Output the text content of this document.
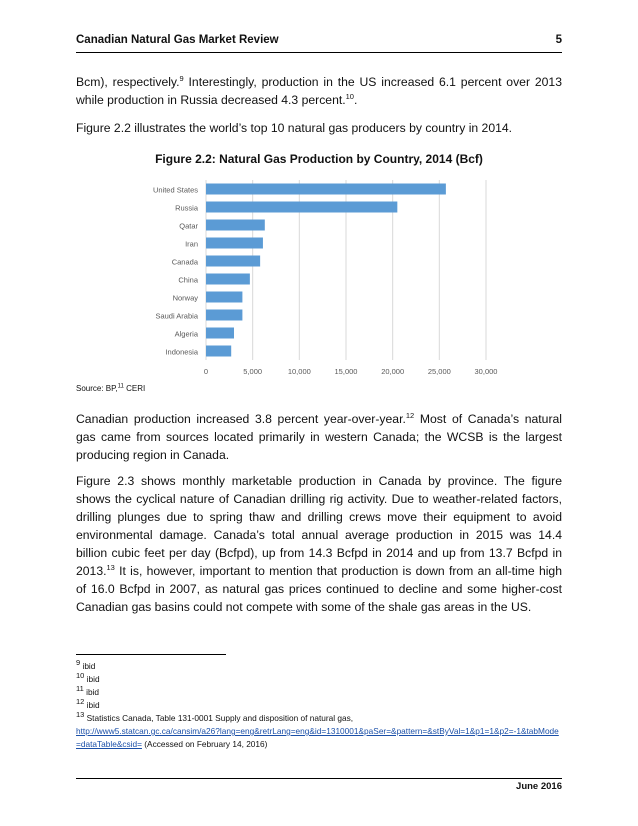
Canadian Natural Gas Market Review	5

Bcm), respectively.$^9$ Interestingly, production in the US increased 6.1 percent over 2013 while production in Russia decreased 4.3 percent.$^{10}$.

Figure 2.2 illustrates the world’s top 10 natural gas producers by country in 2014.

Figure 2.2: Natural Gas Production by Country, 2014 (Bcf)

0	5,000	10,000	15,000	20,000	25,000	30,000
United States
Russia
Qatar
Iran
Canada
China
Norway
Saudi Arabia
Algeria
Indonesia
Source: BP,$^{11}$ CERI

Canadian production increased 3.8 percent year-over-year.$^{12}$ Most of Canada’s natural gas came from sources located primarily in western Canada; the WCSB is the largest producing region in Canada.

Figure 2.3 shows monthly marketable production in Canada by province. The figure shows the cyclical nature of Canadian drilling rig activity. Due to weather-related factors, drilling plunges due to spring thaw and drilling crews move their equipment to avoid environmental damage. Canada’s total annual average production in 2015 was 14.4 billion cubic feet per day (Bcfpd), up from 14.3 Bcfpd in 2014 and up from 13.7 Bcfpd in 2013.13 It is, however, important to mention that production is down from an all-time high of 16.0 Bcfpd in 2007, as natural gas prices continued to decline and some higher-cost Canadian gas basins could not compete with some of the shale gas areas in the US.

$^9$ ibid
$^{10}$ ibid
$^{11}$ ibid
$^{12}$ ibid
$^{13}$ Statistics Canada, Table 131-0001 Supply and disposition of natural gas,
http://www5.statcan.gc.ca/cansim/a26?lang=eng&retrLang=eng&id=1310001&paSer=&pattern=&stByVal=1&p1=1&p2=-1&tabMode=dataTable&csid= (Accessed on February 14, 2016)
June 2016
